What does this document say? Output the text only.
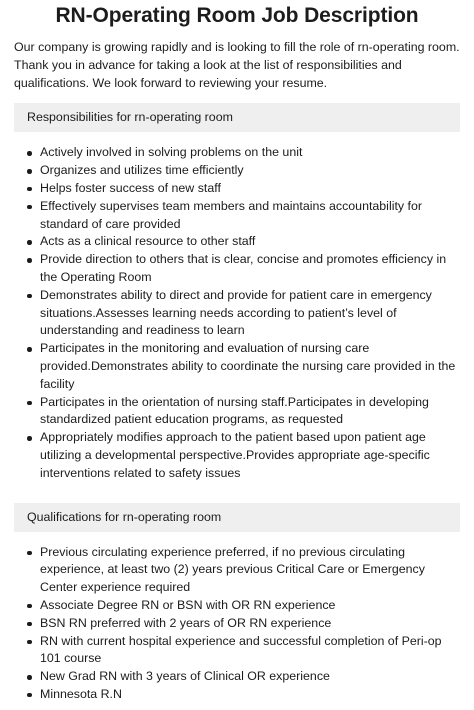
RN-Operating Room Job Description

Our company is growing rapidly and is looking to fill the role of rn-operating room. Thank you in advance for taking a look at the list of responsibilities and qualifications. We look forward to reviewing your resume.

Responsibilities for rn-operating room
Actively involved in solving problems on the unit
Organizes and utilizes time efficiently
Helps foster success of new staff
Effectively supervises team members and maintains accountability for standard of care provided
Acts as a clinical resource to other staff
Provide direction to others that is clear, concise and promotes efficiency in the Operating Room
Demonstrates ability to direct and provide for patient care in emergency situations.Assesses learning needs according to patient’s level of understanding and readiness to learn
Participates in the monitoring and evaluation of nursing care provided.Demonstrates ability to coordinate the nursing care provided in the facility
Participates in the orientation of nursing staff.Participates in developing standardized patient education programs, as requested
Appropriately modifies approach to the patient based upon patient age utilizing a developmental perspective.Provides appropriate age-specific interventions related to safety issues
Qualifications for rn-operating room
Previous circulating experience preferred, if no previous circulating experience, at least two (2) years previous Critical Care or Emergency Center experience required
Associate Degree RN or BSN with OR RN experience
BSN RN preferred with 2 years of OR RN experience
RN with current hospital experience and successful completion of Peri-op 101 course
New Grad RN with 3 years of Clinical OR experience
Minnesota R.N
